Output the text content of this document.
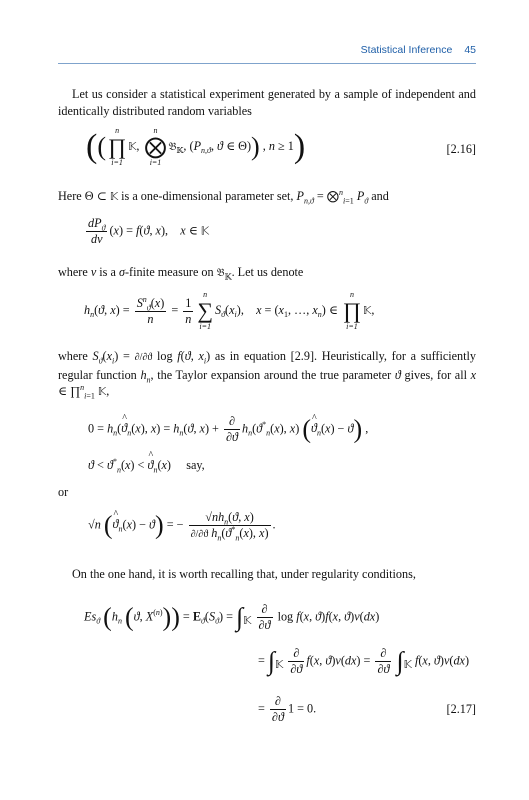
Statistical Inference 45
Let us consider a statistical experiment generated by a sample of independent and identically distributed random variables
((
n
∏
i=1
𝕂,
n
⨂
i=1
𝔅$_𝕂$, ($P_{n,ϑ}$, ϑ ∈ Θ)) , n ≥ 1)	[2.16]
Here Θ ⊂ 𝕂 is a one-dimensional parameter set, $P_{n,ϑ}$ = ⨂$^n_{i=1}$ $P_ϑ$ and
$\frac{dP_ϑ}{d\nu} (x) = f(ϑ$, x),    x ∈ 𝕂
where ν is a σ-finite measure on 𝔅$_𝕂$. Let us denote
$h_n(ϑ$, $x) = \frac{S^n_ϑ(x)}{n} = \frac{1}{n}$
n
∑
i=1
$S_ϑ(x_i)$,    $x = (x_1$, …, $x_n$) ∈
n
∏
i=1
𝕂,
where $S_ϑ(x_i) = \partial/\partial ϑ$ log f(ϑ, $x_i$) as in equation [2.9]. Heuristically, for a sufficiently regular function $h_n$, the Taylor expansion around the true parameter ϑ gives, for all x ∈ ∏$^n_{i=1}$ 𝕂,
$0 = h_n(\^{}$ $ϑ_n(x)$, $x) = h_n(ϑ$, $x) + \frac{\partial}{\partial ϑ} h_n(ϑ^*_n(x)$, x) (^ $ϑ_n(x) - ϑ$) ,
$ϑ < ϑ^*_n(x)$ < ^ $ϑ_n(x)$     say,
or
√n (^ $ϑ_n(x) - ϑ$) = − $\frac{√nh_n(ϑ, x)}{\partial/\partial ϑ h_n(ϑ^*_n(x), x)}$ .
On the one hand, it is worth recalling that, under regularity conditions,
$Es_ϑ$ ($h_n$ (ϑ, $X^{(n)})) = E_ϑ(S_ϑ) = \int_𝕂 \frac{\partial}{\partial ϑ}$ log f(x, ϑ)f(x, ϑ)ν(dx)
= $\int_𝕂 \frac{\partial}{\partial ϑ} f(x$, $ϑ)\nu(dx) = \frac{\partial}{\partial ϑ} \int_𝕂$ f(x, ϑ)ν(dx)
= $\frac{\partial}{\partial ϑ} 1 = 0$.	[2.17]
